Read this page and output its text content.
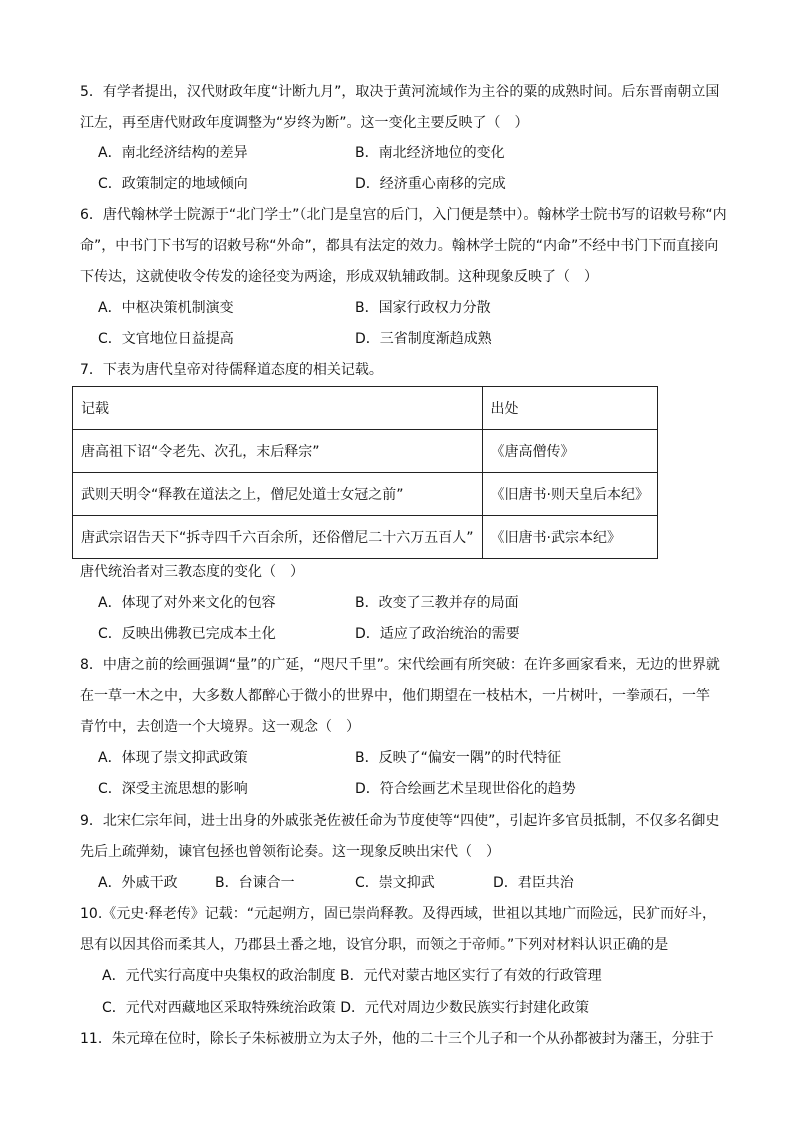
5．有学者提出，汉代财政年度“计断九月”，取决于黄河流域作为主谷的粟的成熟时间。后东晋南朝立国
江左，再至唐代财政年度调整为“岁终为断”。这一变化主要反映了（　）
A．南北经济结构的差异	B．南北经济地位的变化
C．政策制定的地域倾向	D．经济重心南移的完成
6．唐代翰林学士院源于“北门学士”（北门是皇宫的后门，入门便是禁中）。翰林学士院书写的诏敕号称“内
命”，中书门下书写的诏敕号称“外命”，都具有法定的效力。翰林学士院的“内命”不经中书门下而直接向
下传达，这就使收令传发的途径变为两途，形成双轨辅政制。这种现象反映了（　）
A．中枢决策机制演变	B．国家行政权力分散
C．文官地位日益提高	D．三省制度渐趋成熟
7．下表为唐代皇帝对待儒释道态度的相关记载。
记载	出处
唐高祖下诏“令老先、次孔，末后释宗”	《唐高僧传》
武则天明令“释教在道法之上，僧尼处道士女冠之前”	《旧唐书·则天皇后本纪》
唐武宗诏告天下“拆寺四千六百余所，还俗僧尼二十六万五百人”	《旧唐书·武宗本纪》
唐代统治者对三教态度的变化（　）
A．体现了对外来文化的包容	B．改变了三教并存的局面
C．反映出佛教已完成本土化	D．适应了政治统治的需要
8．中唐之前的绘画强调“量”的广延，“咫尺千里”。宋代绘画有所突破：在许多画家看来，无边的世界就
在一草一木之中，大多数人都醉心于微小的世界中，他们期望在一枝枯木，一片树叶，一拳顽石，一竿
青竹中，去创造一个大境界。这一观念（　）
A．体现了崇文抑武政策	B．反映了“偏安一隅”的时代特征
C．深受主流思想的影响	D．符合绘画艺术呈现世俗化的趋势
9．北宋仁宗年间，进士出身的外戚张尧佐被任命为节度使等“四使”，引起许多官员抵制，不仅多名御史
先后上疏弹劾，谏官包拯也曾领衔论奏。这一现象反映出宋代（　）
A．外戚干政	B．台谏合一	C．崇文抑武	D．君臣共治
10.《元史·释老传》记载：“元起朔方，固已崇尚释教。及得西域，世祖以其地广而险远，民犷而好斗，
思有以因其俗而柔其人，乃郡县土番之地，设官分职，而领之于帝师。”下列对材料认识正确的是
A．元代实行高度中央集权的政治制度 B．元代对蒙古地区实行了有效的行政管理
C．元代对西藏地区采取特殊统治政策 D．元代对周边少数民族实行封建化政策
11．朱元璋在位时，除长子朱标被册立为太子外，他的二十三个儿子和一个从孙都被封为藩王，分驻于
